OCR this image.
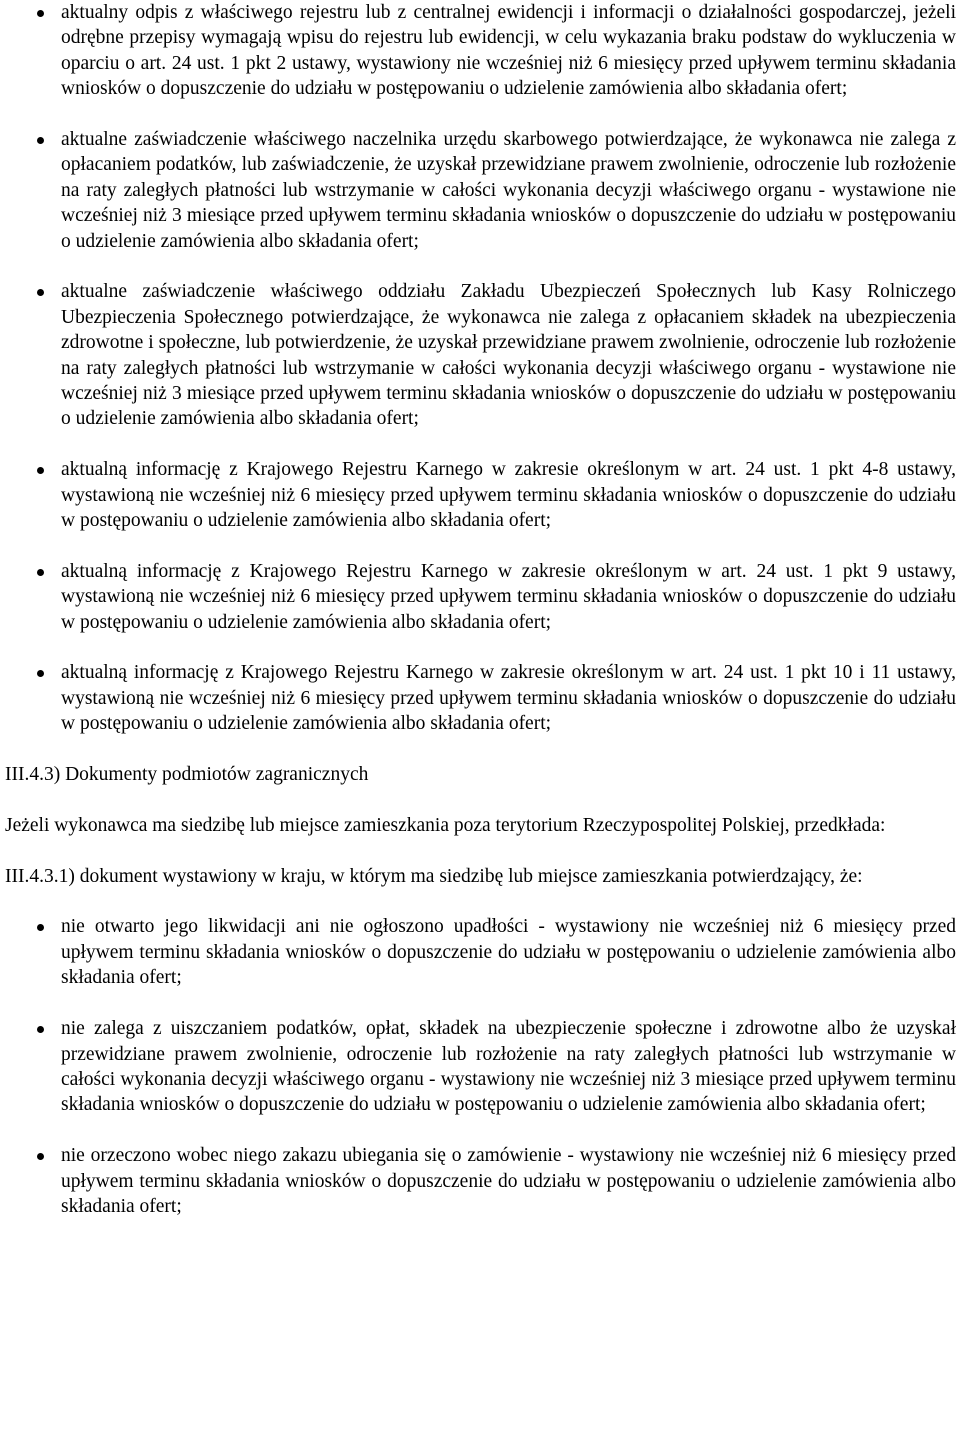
aktualny odpis z właściwego rejestru lub z centralnej ewidencji i informacji o działalności gospodarczej, jeżeli odrębne przepisy wymagają wpisu do rejestru lub ewidencji, w celu wykazania braku podstaw do wykluczenia w oparciu o art. 24 ust. 1 pkt 2 ustawy, wystawiony nie wcześniej niż 6 miesięcy przed upływem terminu składania wniosków o dopuszczenie do udziału w postępowaniu o udzielenie zamówienia albo składania ofert;
aktualne zaświadczenie właściwego naczelnika urzędu skarbowego potwierdzające, że wykonawca nie zalega z opłacaniem podatków, lub zaświadczenie, że uzyskał przewidziane prawem zwolnienie, odroczenie lub rozłożenie na raty zaległych płatności lub wstrzymanie w całości wykonania decyzji właściwego organu - wystawione nie wcześniej niż 3 miesiące przed upływem terminu składania wniosków o dopuszczenie do udziału w postępowaniu o udzielenie zamówienia albo składania ofert;
aktualne zaświadczenie właściwego oddziału Zakładu Ubezpieczeń Społecznych lub Kasy Rolniczego Ubezpieczenia Społecznego potwierdzające, że wykonawca nie zalega z opłacaniem składek na ubezpieczenia zdrowotne i społeczne, lub potwierdzenie, że uzyskał przewidziane prawem zwolnienie, odroczenie lub rozłożenie na raty zaległych płatności lub wstrzymanie w całości wykonania decyzji właściwego organu - wystawione nie wcześniej niż 3 miesiące przed upływem terminu składania wniosków o dopuszczenie do udziału w postępowaniu o udzielenie zamówienia albo składania ofert;
aktualną informację z Krajowego Rejestru Karnego w zakresie określonym w art. 24 ust. 1 pkt 4-8 ustawy, wystawioną nie wcześniej niż 6 miesięcy przed upływem terminu składania wniosków o dopuszczenie do udziału w postępowaniu o udzielenie zamówienia albo składania ofert;
aktualną informację z Krajowego Rejestru Karnego w zakresie określonym w art. 24 ust. 1 pkt 9 ustawy, wystawioną nie wcześniej niż 6 miesięcy przed upływem terminu składania wniosków o dopuszczenie do udziału w postępowaniu o udzielenie zamówienia albo składania ofert;
aktualną informację z Krajowego Rejestru Karnego w zakresie określonym w art. 24 ust. 1 pkt 10 i 11 ustawy, wystawioną nie wcześniej niż 6 miesięcy przed upływem terminu składania wniosków o dopuszczenie do udziału w postępowaniu o udzielenie zamówienia albo składania ofert;

III.4.3) Dokumenty podmiotów zagranicznych

Jeżeli wykonawca ma siedzibę lub miejsce zamieszkania poza terytorium Rzeczypospolitej Polskiej, przedkłada:

III.4.3.1) dokument wystawiony w kraju, w którym ma siedzibę lub miejsce zamieszkania potwierdzający, że:

nie otwarto jego likwidacji ani nie ogłoszono upadłości - wystawiony nie wcześniej niż 6 miesięcy przed upływem terminu składania wniosków o dopuszczenie do udziału w postępowaniu o udzielenie zamówienia albo składania ofert;
nie zalega z uiszczaniem podatków, opłat, składek na ubezpieczenie społeczne i zdrowotne albo że uzyskał przewidziane prawem zwolnienie, odroczenie lub rozłożenie na raty zaległych płatności lub wstrzymanie w całości wykonania decyzji właściwego organu - wystawiony nie wcześniej niż 3 miesiące przed upływem terminu składania wniosków o dopuszczenie do udziału w postępowaniu o udzielenie zamówienia albo składania ofert;
nie orzeczono wobec niego zakazu ubiegania się o zamówienie - wystawiony nie wcześniej niż 6 miesięcy przed upływem terminu składania wniosków o dopuszczenie do udziału w postępowaniu o udzielenie zamówienia albo składania ofert;
